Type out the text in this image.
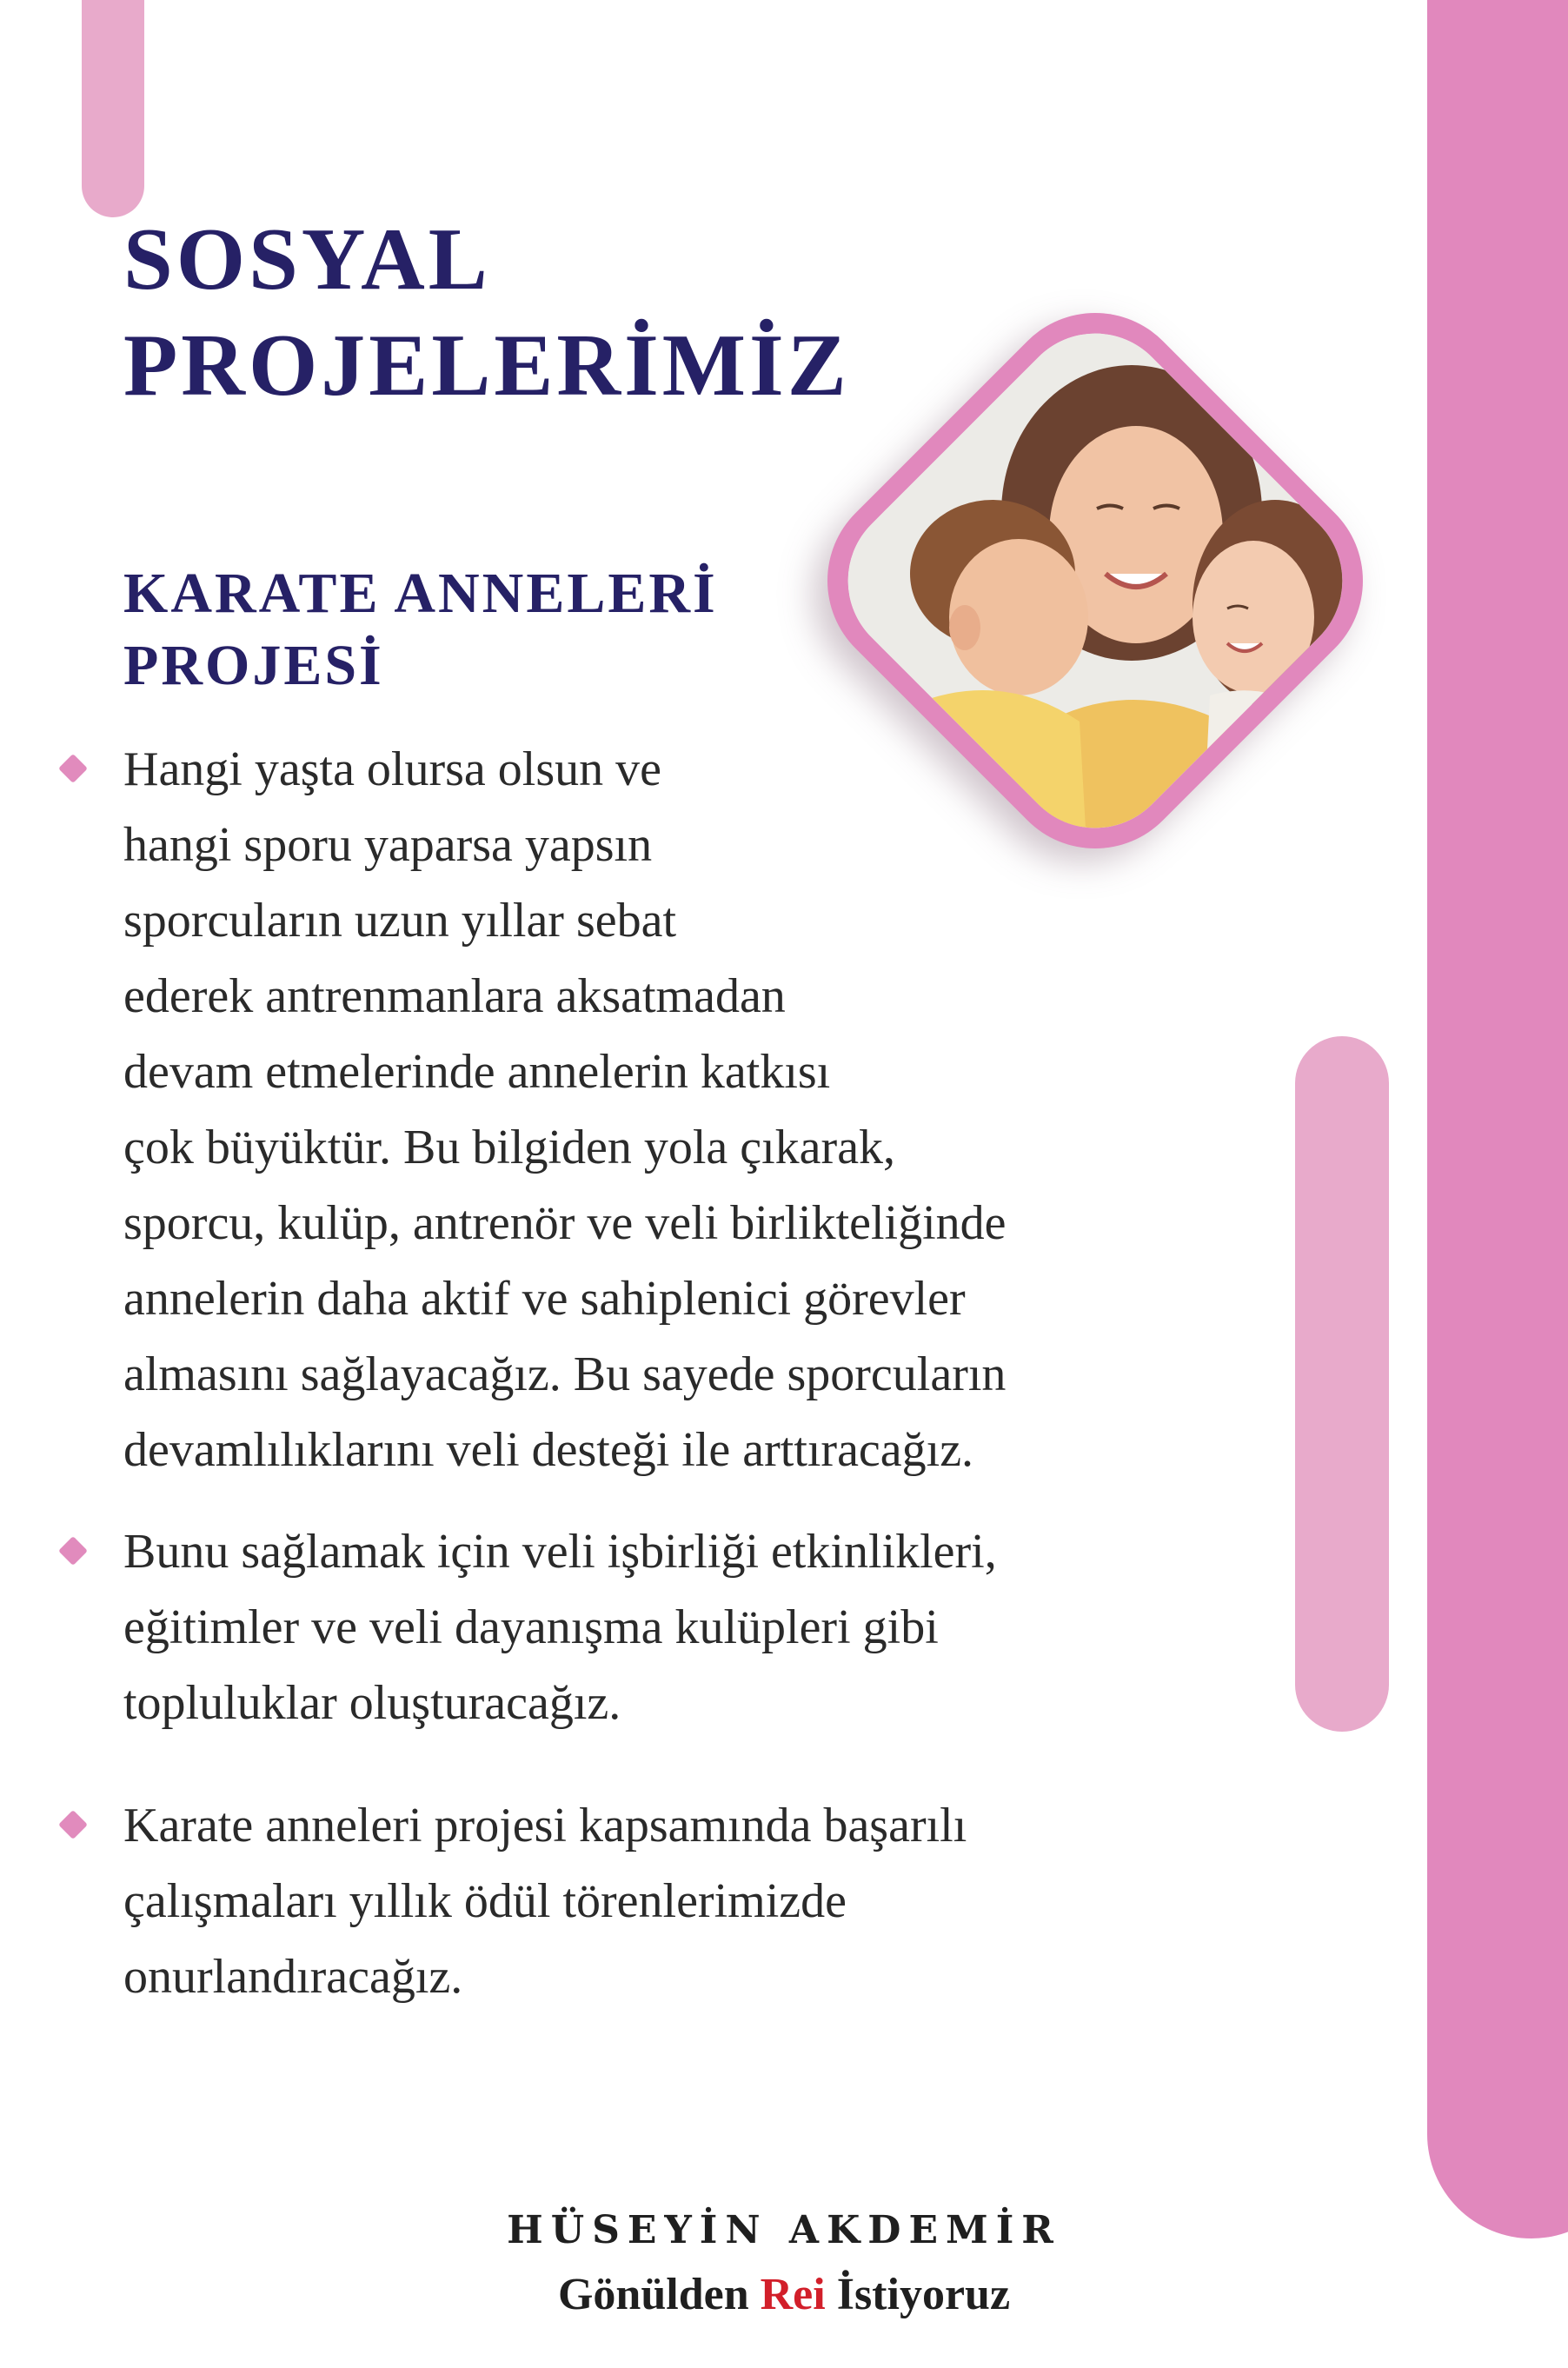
SOSYAL
PROJELERİMİZ
KARATE ANNELERİ
PROJESİ
Hangi yaşta olursa olsun ve
hangi sporu yaparsa yapsın
sporcuların uzun yıllar sebat
ederek antrenmanlara aksatmadan
devam etmelerinde annelerin katkısı
çok büyüktür. Bu bilgiden yola çıkarak,
sporcu, kulüp, antrenör ve veli birlikteliğinde
annelerin daha aktif ve sahiplenici görevler
almasını sağlayacağız. Bu sayede sporcuların
devamlılıklarını veli desteği ile arttıracağız.
Bunu sağlamak için veli işbirliği etkinlikleri,
eğitimler ve veli dayanışma kulüpleri gibi
topluluklar oluşturacağız.
Karate anneleri projesi kapsamında başarılı
çalışmaları yıllık ödül törenlerimizde
onurlandıracağız.

HÜSEYİN AKDEMİR

Gönülden Rei İstiyoruz
